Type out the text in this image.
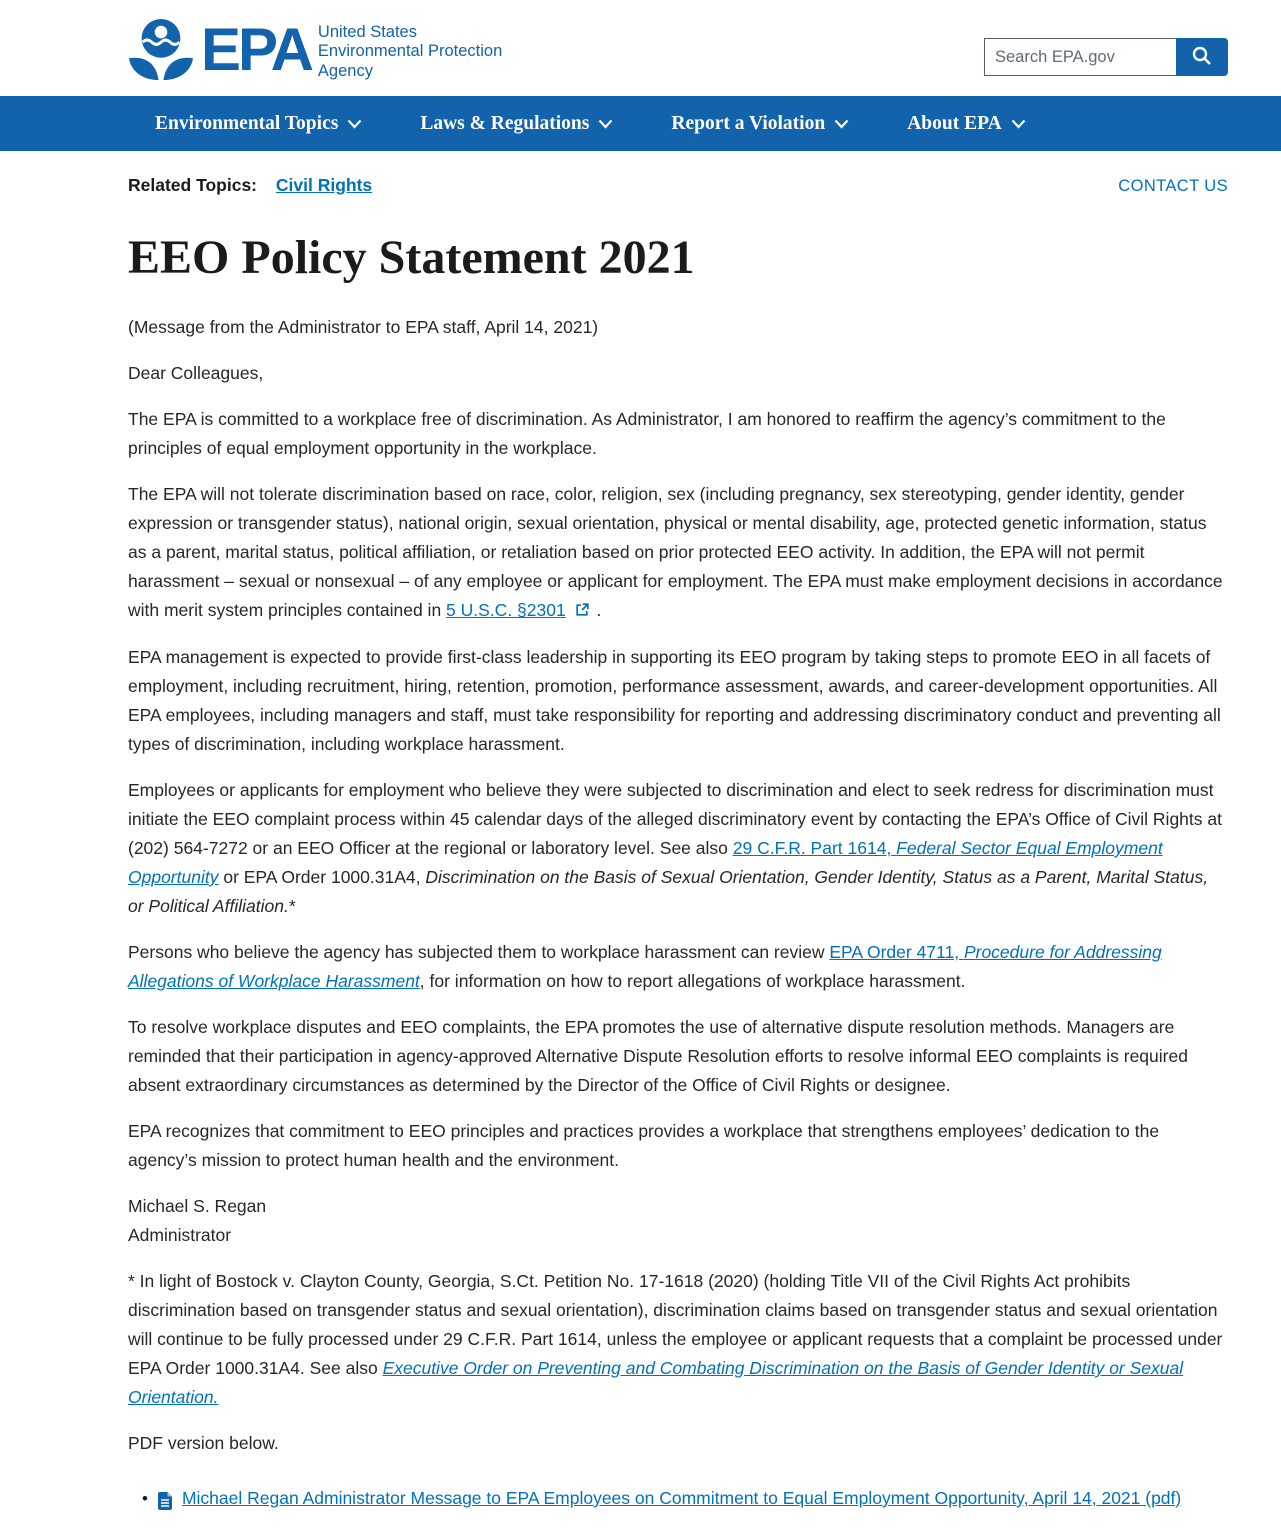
EPA United States
Environmental Protection
Agency
Search EPA.gov
Environmental Topics	Laws & Regulations	Report a Violation	About EPA
Related Topics: Civil Rights	CONTACT US
EEO Policy Statement 2021

(Message from the Administrator to EPA staff, April 14, 2021)

Dear Colleagues,

The EPA is committed to a workplace free of discrimination. As Administrator, I am honored to reaffirm the agency’s commitment to the principles of equal employment opportunity in the workplace.

The EPA will not tolerate discrimination based on race, color, religion, sex (including pregnancy, sex stereotyping, gender identity, gender expression or transgender status), national origin, sexual orientation, physical or mental disability, age, protected genetic information, status as a parent, marital status, political affiliation, or retaliation based on prior protected EEO activity. In addition, the EPA will not permit harassment – sexual or nonsexual – of any employee or applicant for employment. The EPA must make employment decisions in accordance with merit system principles contained in 5 U.S.C. §2301  .

EPA management is expected to provide first-class leadership in supporting its EEO program by taking steps to promote EEO in all facets of employment, including recruitment, hiring, retention, promotion, performance assessment, awards, and career-development opportunities. All EPA employees, including managers and staff, must take responsibility for reporting and addressing discriminatory conduct and preventing all types of discrimination, including workplace harassment.

Employees or applicants for employment who believe they were subjected to discrimination and elect to seek redress for discrimination must initiate the EEO complaint process within 45 calendar days of the alleged discriminatory event by contacting the EPA’s Office of Civil Rights at (202) 564-7272 or an EEO Officer at the regional or laboratory level. See also 29 C.F.R. Part 1614, Federal Sector Equal Employment Opportunity or EPA Order 1000.31A4, Discrimination on the Basis of Sexual Orientation, Gender Identity, Status as a Parent, Marital Status, or Political Affiliation.*

Persons who believe the agency has subjected them to workplace harassment can review EPA Order 4711, Procedure for Addressing Allegations of Workplace Harassment, for information on how to report allegations of workplace harassment.

To resolve workplace disputes and EEO complaints, the EPA promotes the use of alternative dispute resolution methods. Managers are reminded that their participation in agency-approved Alternative Dispute Resolution efforts to resolve informal EEO complaints is required absent extraordinary circumstances as determined by the Director of the Office of Civil Rights or designee.

EPA recognizes that commitment to EEO principles and practices provides a workplace that strengthens employees’ dedication to the agency’s mission to protect human health and the environment.

Michael S. Regan
Administrator

* In light of Bostock v. Clayton County, Georgia, S.Ct. Petition No. 17-1618 (2020) (holding Title VII of the Civil Rights Act prohibits discrimination based on transgender status and sexual orientation), discrimination claims based on transgender status and sexual orientation will continue to be fully processed under 29 C.F.R. Part 1614, unless the employee or applicant requests that a complaint be processed under EPA Order 1000.31A4. See also Executive Order on Preventing and Combating Discrimination on the Basis of Gender Identity or Sexual Orientation.

PDF version below.

• Michael Regan Administrator Message to EPA Employees on Commitment to Equal Employment Opportunity, April 14, 2021 (pdf)
